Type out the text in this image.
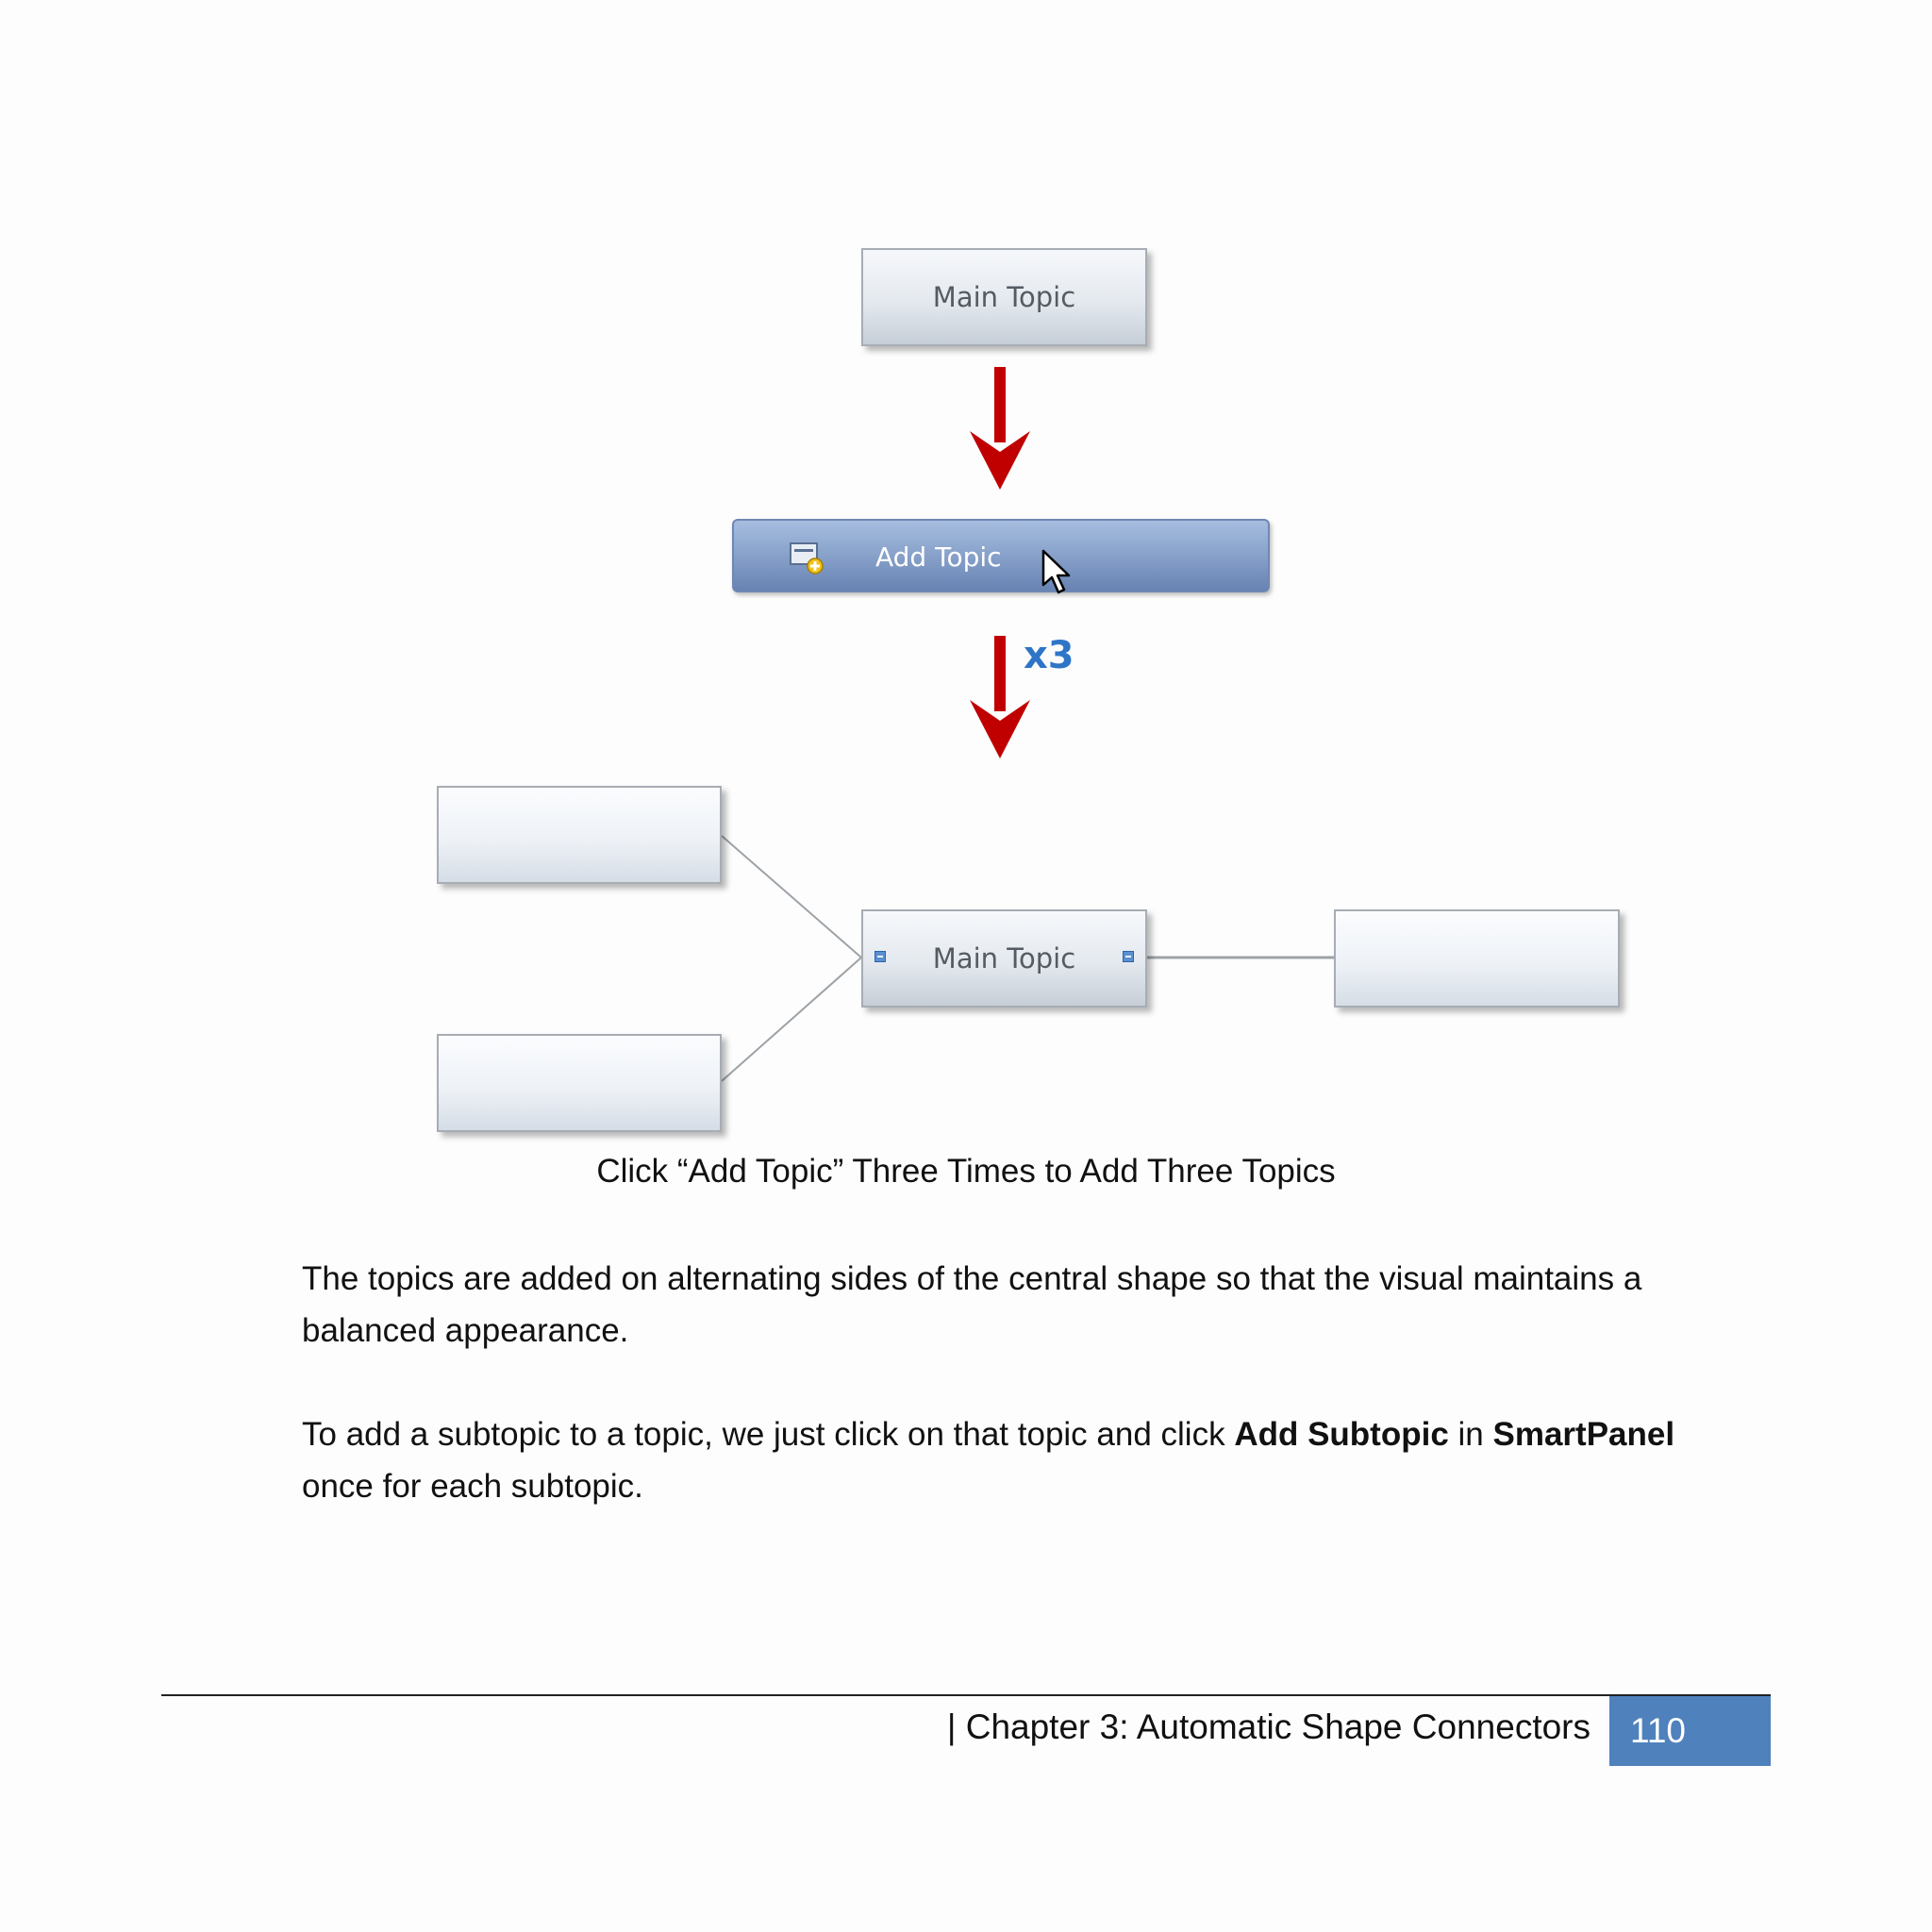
Main Topic
Add Topic
x3
Main Topic
Click “Add Topic” Three Times to Add Three Topics

The topics are added on alternating sides of the central shape so that the visual maintains a balanced appearance.

To add a subtopic to a topic, we just click on that topic and click Add Subtopic in SmartPanel once for each subtopic.

| Chapter 3: Automatic Shape Connectors	110
